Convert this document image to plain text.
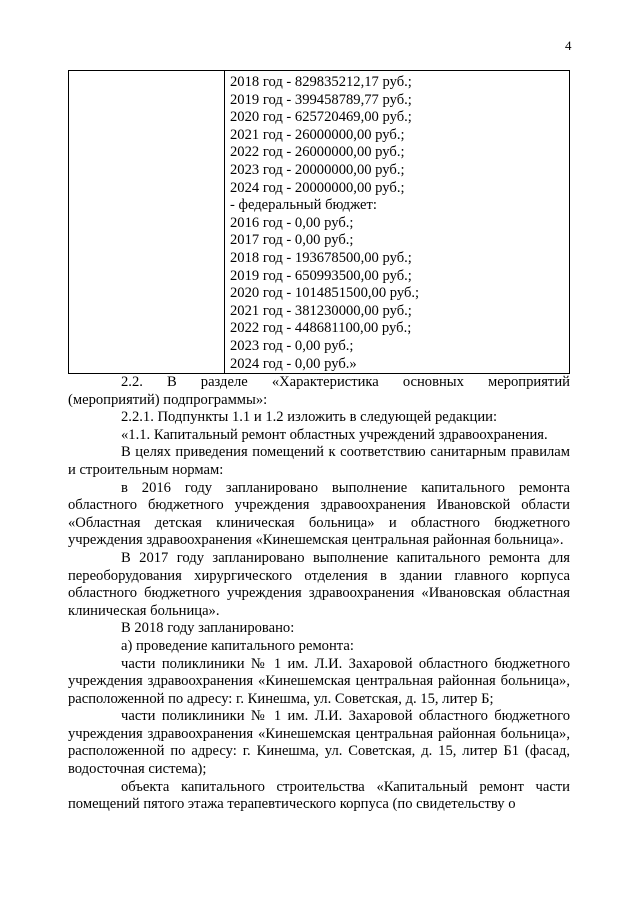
4
2018 год - 829835212,17 руб.;
2019 год - 399458789,77 руб.;
2020 год - 625720469,00 руб.;
2021 год - 26000000,00 руб.;
2022 год - 26000000,00 руб.;
2023 год - 20000000,00 руб.;
2024 год - 20000000,00 руб.;
- федеральный бюджет:
2016 год - 0,00 руб.;
2017 год - 0,00 руб.;
2018 год - 193678500,00 руб.;
2019 год - 650993500,00 руб.;
2020 год - 1014851500,00 руб.;
2021 год - 381230000,00 руб.;
2022 год - 448681100,00 руб.;
2023 год - 0,00 руб.;
2024 год - 0,00 руб.»
2.2. В разделе «Характеристика основных мероприятий

(мероприятий) подпрограммы»:

2.2.1. Подпункты 1.1 и 1.2 изложить в следующей редакции:

«1.1. Капитальный ремонт областных учреждений здравоохранения.

В целях приведения помещений к соответствию санитарным правилам и строительным нормам:

в 2016 году запланировано выполнение капитального ремонта областного бюджетного учреждения здравоохранения Ивановской области «Областная детская клиническая больница» и областного бюджетного учреждения здравоохранения «Кинешемская центральная районная больница».

В 2017 году запланировано выполнение капитального ремонта для переоборудования хирургического отделения в здании главного корпуса областного бюджетного учреждения здравоохранения «Ивановская областная клиническая больница».

В 2018 году запланировано:

а) проведение капитального ремонта:

части поликлиники № 1 им. Л.И. Захаровой областного бюджетного учреждения здравоохранения «Кинешемская центральная районная больница», расположенной по адресу: г. Кинешма, ул. Советская, д. 15, литер Б;

части поликлиники № 1 им. Л.И. Захаровой областного бюджетного учреждения здравоохранения «Кинешемская центральная районная больница», расположенной по адресу: г. Кинешма, ул. Советская, д. 15, литер Б1 (фасад, водосточная система);

объекта капитального строительства «Капитальный ремонт части помещений пятого этажа терапевтического корпуса (по свидетельству о
